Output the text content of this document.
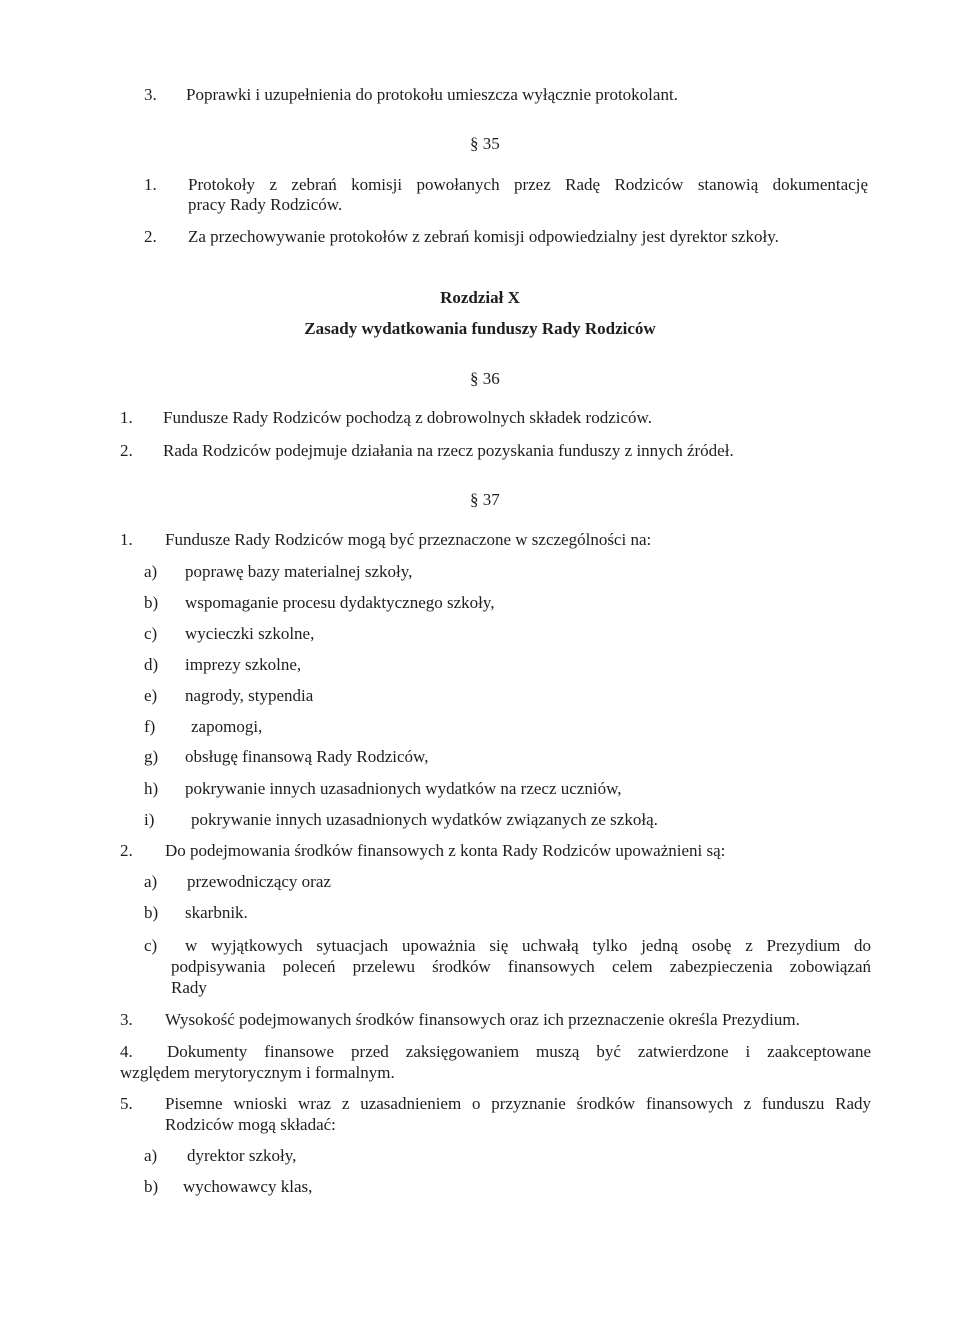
3. Poprawki i uzupełnienia do protokołu umieszcza wyłącznie protokolant.
§ 35
1. Protokoły z zebrań komisji powołanych przez Radę Rodziców stanowią dokumentację
pracy Rady Rodziców.
2. Za przechowywanie protokołów z zebrań komisji odpowiedzialny jest dyrektor szkoły.
Rozdział X
Zasady wydatkowania funduszy Rady Rodziców
§ 36
1. Fundusze Rady Rodziców pochodzą z dobrowolnych składek rodziców.
2. Rada Rodziców podejmuje działania na rzecz pozyskania funduszy z innych źródeł.
§ 37
1. Fundusze Rady Rodziców mogą być przeznaczone w szczególności na:
a) poprawę bazy materialnej szkoły,
b) wspomaganie procesu dydaktycznego szkoły,
c) wycieczki szkolne,
d) imprezy szkolne,
e) nagrody, stypendia
f) zapomogi,
g) obsługę finansową Rady Rodziców,
h) pokrywanie innych uzasadnionych wydatków na rzecz uczniów,
i) pokrywanie innych uzasadnionych wydatków związanych ze szkołą.
2. Do podejmowania środków finansowych z konta Rady Rodziców upoważnieni są:
a) przewodniczący oraz
b) skarbnik.
c) w wyjątkowych sytuacjach upoważnia się uchwałą tylko jedną osobę z Prezydium do
podpisywania poleceń przelewu środków finansowych celem zabezpieczenia zobowiązań
Rady
3. Wysokość podejmowanych środków finansowych oraz ich przeznaczenie określa Prezydium.
4. Dokumenty finansowe przed zaksięgowaniem muszą być zatwierdzone i zaakceptowane
względem merytorycznym i formalnym.
5. Pisemne wnioski wraz z uzasadnieniem o przyznanie środków finansowych z funduszu Rady
Rodziców mogą składać:
a) dyrektor szkoły,
b) wychowawcy klas,
